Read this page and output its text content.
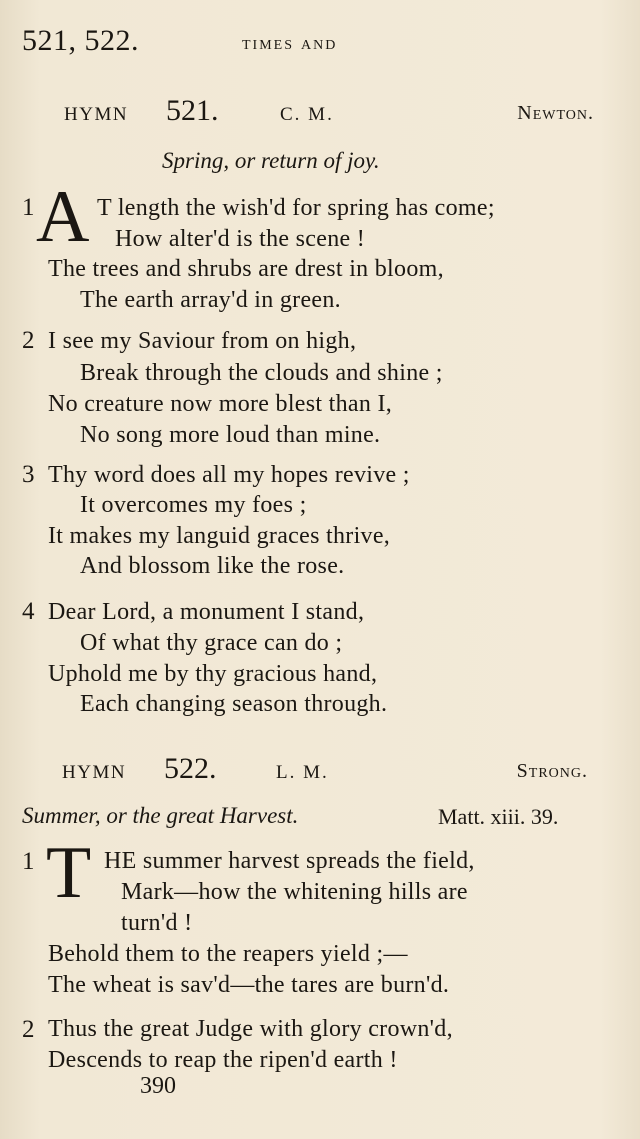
521, 522.	times and
HYMN 521.	C. M.	Newton.
Spring, or return of joy.
1 A T length the wish'd for spring has come;
How alter'd is the scene !
The trees and shrubs are drest in bloom,
The earth array'd in green.
2 I see my Saviour from on high,
Break through the clouds and shine ;
No creature now more blest than I,
No song more loud than mine.
3 Thy word does all my hopes revive ;
It overcomes my foes ;
It makes my languid graces thrive,
And blossom like the rose.
4 Dear Lord, a monument I stand,
Of what thy grace can do ;
Uphold me by thy gracious hand,
Each changing season through.
HYMN 522.	L. M.	Strong.
Summer, or the great Harvest.	Matt. xiii. 39.
1 T HE summer harvest spreads the field,
Mark—how the whitening hills are
turn'd !
Behold them to the reapers yield ;—
The wheat is sav'd—the tares are burn'd.
2 Thus the great Judge with glory crown'd,
Descends to reap the ripen'd earth !
390
